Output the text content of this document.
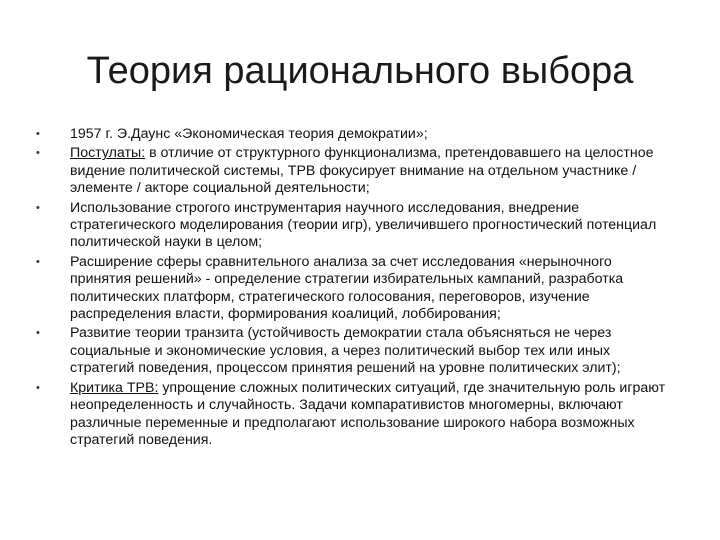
Теория рационального выбора
•	1957 г. Э.Даунс «Экономическая теория демократии»;
•	Постулаты: в отличие от структурного функционализма, претендовавшего на целостное видение политической системы, ТРВ фокусирует внимание на отдельном участнике / элементе / акторе социальной деятельности;
•	Использование строгого инструментария научного исследования, внедрение стратегического моделирования (теории игр), увеличившего прогностический потенциал политической науки в целом;
•	Расширение сферы сравнительного анализа за счет исследования «нерыночного принятия решений» - определение стратегии избирательных кампаний, разработка политических платформ, стратегического голосования, переговоров, изучение распределения власти, формирования коалиций, лоббирования;
•	Развитие теории транзита (устойчивость демократии стала объясняться не через социальные и экономические условия, а через политический выбор тех или иных стратегий поведения, процессом принятия решений на уровне политических элит);
•	Критика ТРВ: упрощение сложных политических ситуаций, где значительную роль играют неопределенность и случайность. Задачи компаративистов многомерны, включают различные переменные и предполагают использование широкого набора возможных стратегий поведения.
